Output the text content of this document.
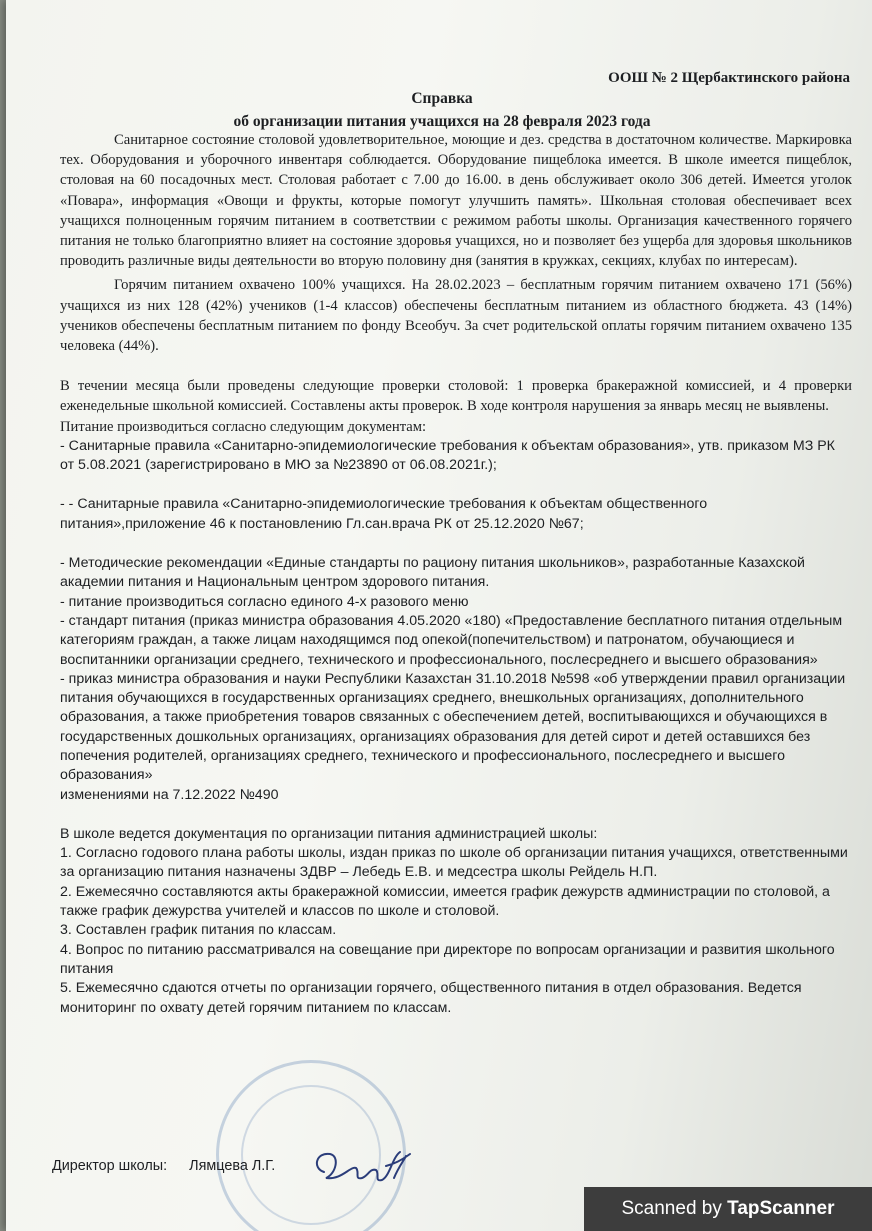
ООШ № 2 Щербактинского района
Справка
об организации питания учащихся на 28 февраля 2023 года

Санитарное состояние столовой удовлетворительное, моющие и дез. средства в достаточном количестве. Маркировка тех. Оборудования и уборочного инвентаря соблюдается. Оборудование пищеблока имеется. В школе имеется пищеблок, столовая на 60 посадочных мест. Столовая работает с 7.00 до 16.00. в день обслуживает около 306 детей. Имеется уголок «Повара», информация «Овощи и фрукты, которые помогут улучшить память». Школьная столовая обеспечивает всех учащихся полноценным горячим питанием в соответствии с режимом работы школы. Организация качественного горячего питания не только благоприятно влияет на состояние здоровья учащихся, но и позволяет без ущерба для здоровья школьников проводить различные виды деятельности во вторую половину дня (занятия в кружках, секциях, клубах по интересам).

Горячим питанием охвачено 100% учащихся. На 28.02.2023 – бесплатным горячим питанием охвачено 171 (56%) учащихся из них 128 (42%) учеников (1-4 классов) обеспечены бесплатным питанием из областного бюджета. 43 (14%) учеников обеспечены бесплатным питанием по фонду Всеобуч. За счет родительской оплаты горячим питанием охвачено 135 человека (44%).

В течении месяца были проведены следующие проверки столовой: 1 проверка бракеражной комиссией, и 4 проверки еженедельные школьной комиссией. Составлены акты проверок. В ходе контроля нарушения за январь месяц не выявлены.

Питание производиться согласно следующим документам:

- Санитарные правила «Санитарно-эпидемиологические требования к объектам образования», утв. приказом МЗ РК от 5.08.2021 (зарегистрировано в МЮ за №23890 от 06.08.2021г.);

- - Санитарные правила «Санитарно-эпидемиологические требования к объектам общественного питания»,приложение 46 к постановлению Гл.сан.врача РК от 25.12.2020 №67;

- Методические рекомендации «Единые стандарты по рациону питания школьников», разработанные Казахской академии питания и Национальным центром здорового питания.

- питание производиться согласно единого 4-х разового меню

- стандарт питания (приказ министра образования 4.05.2020 «180) «Предоставление бесплатного питания отдельным категориям граждан, а также лицам находящимся под опекой(попечительством) и патронатом, обучающиеся и воспитанники организации среднего, технического и профессионального, послесреднего и высшего образования»

- приказ министра образования и науки Республики Казахстан 31.10.2018 №598 «об утверждении правил организации питания обучающихся в государственных организациях среднего, внешкольных организациях, дополнительного образования, а также приобретения товаров связанных с обеспечением детей, воспитывающихся и обучающихся в государственных дошкольных организациях, организациях образования для детей сирот и детей оставшихся без попечения родителей, организациях среднего, технического и профессионального, послесреднего и высшего образования»

изменениями на 7.12.2022 №490

В школе ведется документация по организации питания администрацией школы:

1. Согласно годового плана работы школы, издан приказ по школе об организации питания учащихся, ответственными за организацию питания назначены ЗДВР – Лебедь Е.В. и медсестра школы Рейдель Н.П.

2. Ежемесячно составляются акты бракеражной комиссии, имеется график дежурств администрации по столовой, а также график дежурства учителей и классов по школе и столовой.

3. Составлен график питания по классам.

4. Вопрос по питанию рассматривался на совещание при директоре по вопросам организации и развития школьного питания

5. Ежемесячно сдаются отчеты по организации горячего, общественного питания в отдел образования. Ведется мониторинг по охвату детей горячим питанием по классам.

Директор школы: Лямцева Л.Г.
Scanned by TapScanner
